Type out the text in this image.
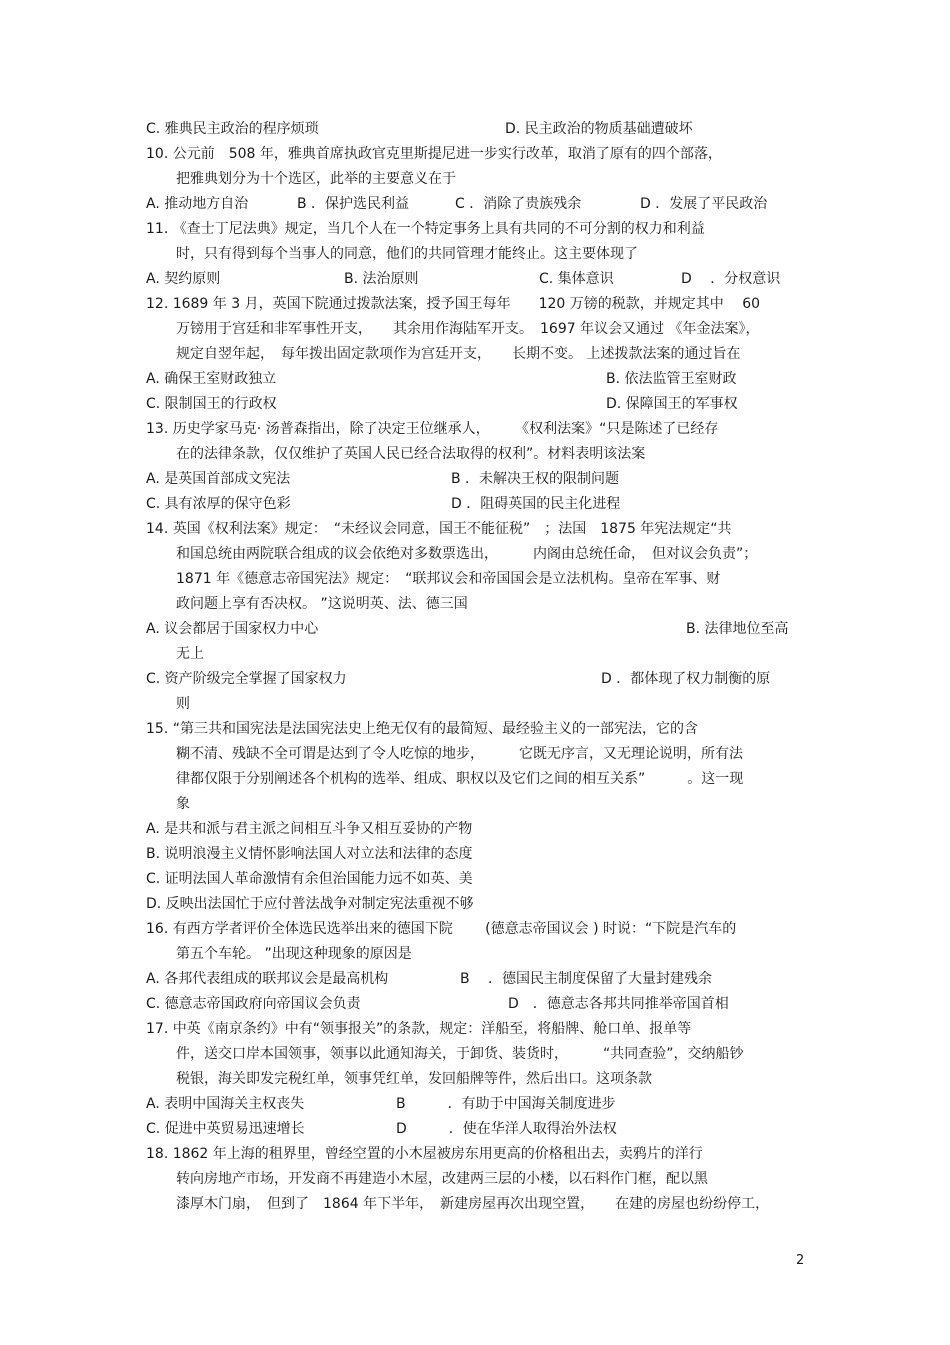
C. 雅典民主政治的程序烦琐	D. 民主政治的物质基础遭破坏
10. 公元前　508 年，雅典首席执政官克里斯提尼进一步实行改革，取消了原有的四个部落，
把雅典划分为十个选区，此举的主要意义在于
A. 推动地方自治	B ．保护选民利益	C ．消除了贵族残余	D ．发展了平民政治
11. 《查士丁尼法典》规定，当几个人在一个特定事务上具有共同的不可分割的权力和利益
时，只有得到每个当事人的同意，他们的共同管理才能终止。这主要体现了
A. 契约原则	B. 法治原则	C. 集体意识	D　 ．分权意识
12. 1689 年 3 月，英国下院通过拨款法案，授予国王每年　　120 万镑的税款，并规定其中　 60
万镑用于宫廷和非军事性开支，　　其余用作海陆军开支。　1697 年议会又通过 《年金法案》，
规定自翌年起，　每年拨出固定款项作为宫廷开支，　　长期不变。 上述拨款法案的通过旨在
A. 确保王室财政独立	B. 依法监管王室财政
C. 限制国王的行政权	D. 保障国王的军事权
13. 历史学家马克· 汤普森指出，除了决定王位继承人，　　 《权利法案》“只是陈述了已经存
在的法律条款，仅仅维护了英国人民已经合法取得的权利”。材料表明该法案
A. 是英国首部成文宪法	B ．未解决王权的限制问题
C. 具有浓厚的保守色彩	D ．阻碍英国的民主化进程
14. 英国《权利法案》规定：　“未经议会同意，国王不能征税”　；法国　1875 年宪法规定“共
和国总统由两院联合组成的议会依绝对多数票选出，　　　内阁由总统任命，　但对议会负责”；
1871 年《德意志帝国宪法》规定：　“联邦议会和帝国国会是立法机构。皇帝在军事、财
政问题上享有否决权。 ”这说明英、法、德三国
A. 议会都居于国家权力中心	B. 法律地位至高
无上
C. 资产阶级完全掌握了国家权力	D ．都体现了权力制衡的原
则
15. “第三共和国宪法是法国宪法史上绝无仅有的最简短、最经验主义的一部宪法，它的含
糊不清、残缺不全可谓是达到了令人吃惊的地步，　　　它既无序言，又无理论说明，所有法
律都仅限于分别阐述各个机构的选举、组成、职权以及它们之间的相互关系”　　　。这一现
象
A. 是共和派与君主派之间相互斗争又相互妥协的产物
B. 说明浪漫主义情怀影响法国人对立法和法律的态度
C. 证明法国人革命激情有余但治国能力远不如英、美
D. 反映出法国忙于应付普法战争对制定宪法重视不够
16. 有西方学者评价全体选民选举出来的德国下院　　 (德意志帝国议会 ) 时说：“下院是汽车的
第五个车轮。 ”出现这种现象的原因是
A. 各邦代表组成的联邦议会是最高机构	B　 ．德国民主制度保留了大量封建残余
C. 德意志帝国政府向帝国议会负责	D　．德意志各邦共同推举帝国首相
17. 中英《南京条约》中有“领事报关”的条款，规定：洋船至，将船牌、舱口单、报单等
件，送交口岸本国领事，领事以此通知海关，于卸货、装货时，　　　“共同查验”，交纳船钞
税银，海关即发完税红单，领事凭红单，发回船牌等件，然后出口。这项条款
A. 表明中国海关主权丧失	B　　　．有助于中国海关制度进步
C. 促进中英贸易迅速增长	D　　　．使在华洋人取得治外法权
18. 1862 年上海的租界里，曾经空置的小木屋被房东用更高的价格租出去，卖鸦片的洋行
转向房地产市场，开发商不再建造小木屋，改建两三层的小楼，以石料作门框，配以黑
漆厚木门扇，　但到了　1864 年下半年，　新建房屋再次出现空置，　　在建的房屋也纷纷停工，
2
